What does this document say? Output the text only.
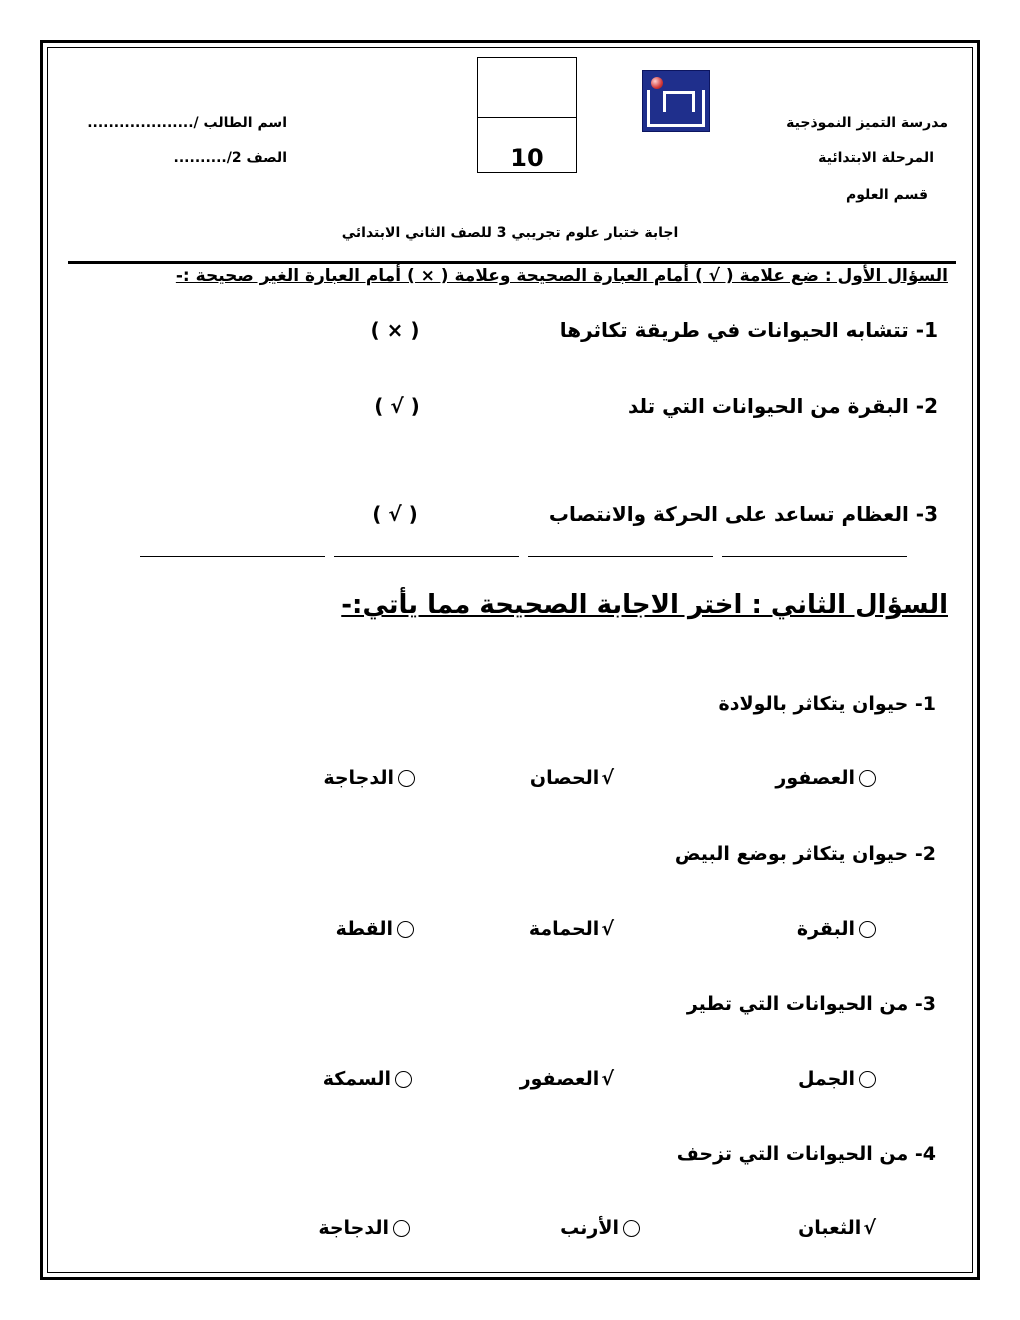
مدرسة التميز النموذجية
المرحلة الابتدائية
قسم العلوم
10
اسم الطالب /....................
الصف 2/..........
اجابة ختبار علوم تجريبي 3 للصف الثاني الابتدائي
السؤال الأول : ضع علامة ( √ ) أمام العبارة الصحيحة وعلامة ( × ) أمام العبارة الغير صحيحة :-
1- تتشابه الحيوانات في طريقة تكاثرها
( × )
2- البقرة من الحيوانات التي تلد
( √ )
3- العظام تساعد على الحركة والانتصاب
( √ )
السؤال الثاني : اختر الاجابة الصحيحة مما يأتي:-
1- حيوان يتكاثر بالولادة
العصفور
√
الحصان
الدجاجة
2- حيوان يتكاثر بوضع البيض
البقرة
√
الحمامة
القطة
3- من الحيوانات التي تطير
الجمل
√
العصفور
السمكة
4- من الحيوانات التي تزحف
√
الثعبان
الأرنب
الدجاجة
